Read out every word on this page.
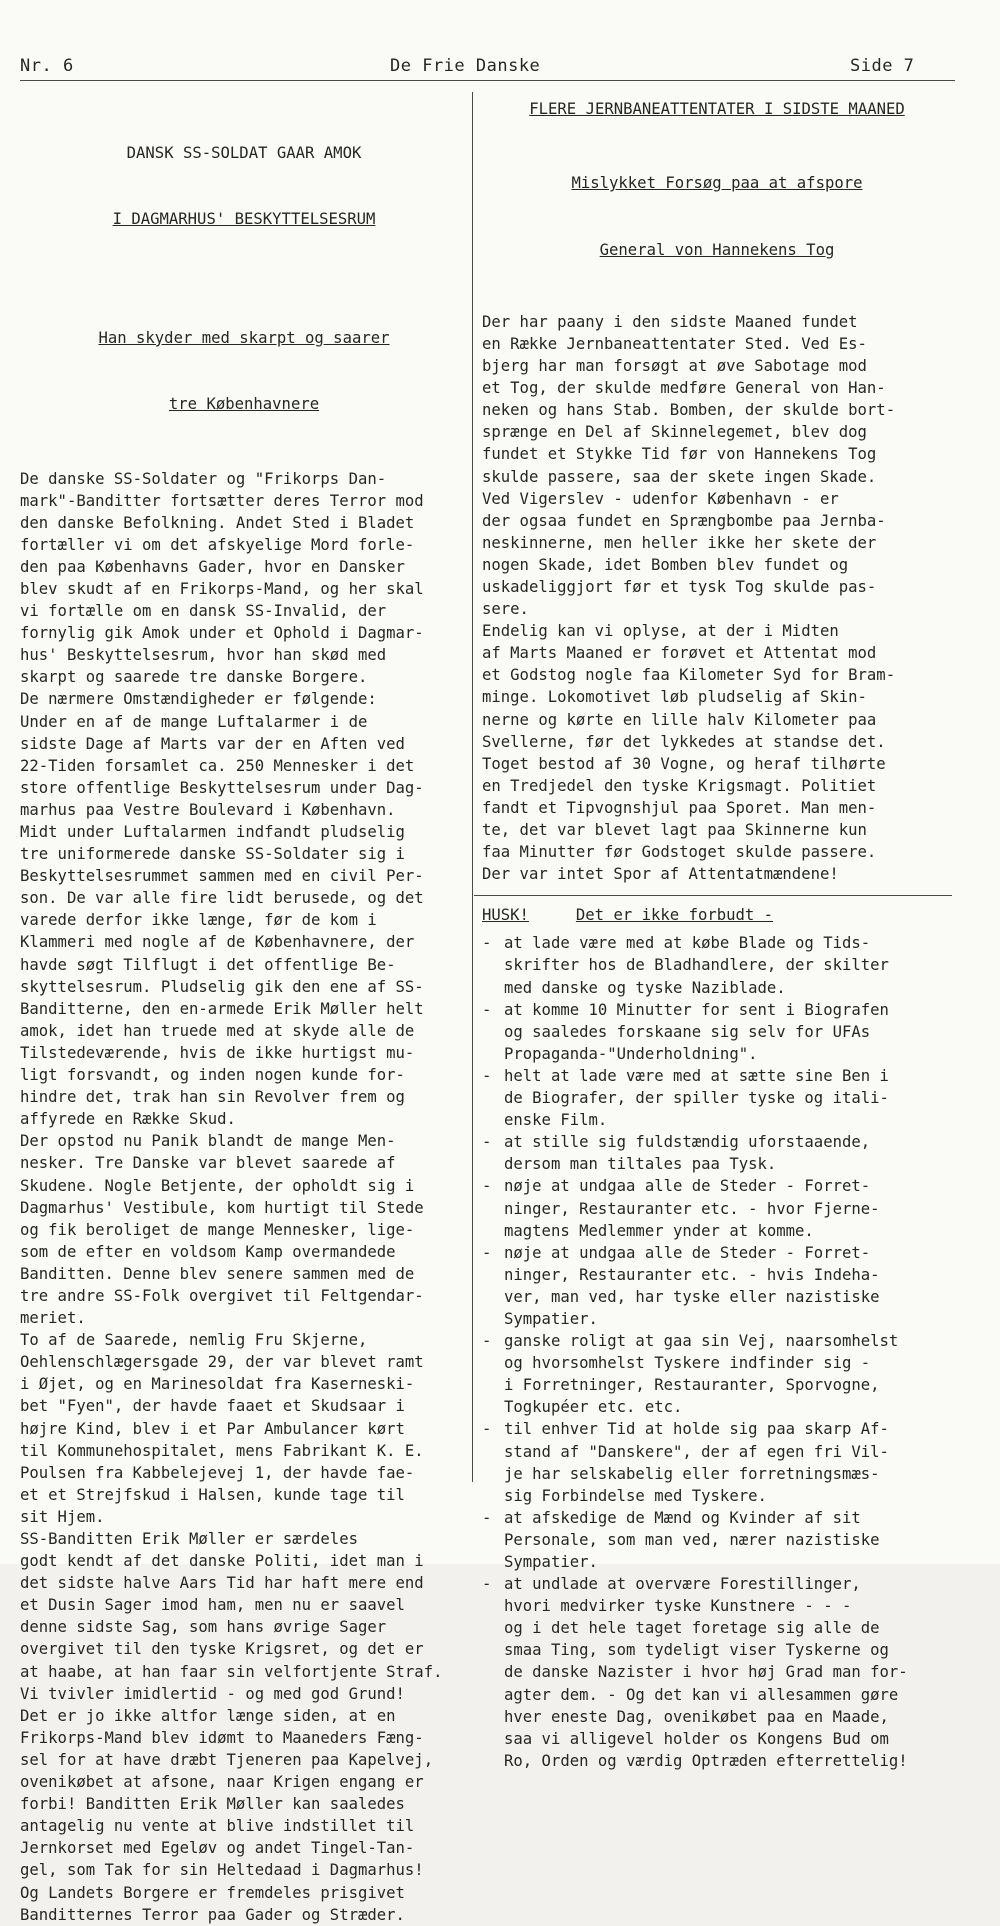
Nr. 6	De Frie Danske	Side 7

DANSK SS-SOLDAT GAAR AMOK

I DAGMARHUS' BESKYTTELSESRUM

Han skyder med skarpt og saarer

tre Københavnere

De danske SS-Soldater og "Frikorps Dan-
mark"-Banditter fortsætter deres Terror mod
den danske Befolkning. Andet Sted i Bladet
fortæller vi om det afskyelige Mord forle-
den paa Københavns Gader, hvor en Dansker
blev skudt af en Frikorps-Mand, og her skal
vi fortælle om en dansk SS-Invalid, der
fornylig gik Amok under et Ophold i Dagmar-
hus' Beskyttelsesrum, hvor han skød med
skarpt og saarede tre danske Borgere.
De nærmere Omstændigheder er følgende:
Under en af de mange Luftalarmer i de
sidste Dage af Marts var der en Aften ved
22-Tiden forsamlet ca. 250 Mennesker i det
store offentlige Beskyttelsesrum under Dag-
marhus paa Vestre Boulevard i København.
Midt under Luftalarmen indfandt pludselig
tre uniformerede danske SS-Soldater sig i
Beskyttelsesrummet sammen med en civil Per-
son. De var alle fire lidt berusede, og det
varede derfor ikke længe, før de kom i
Klammeri med nogle af de Københavnere, der
havde søgt Tilflugt i det offentlige Be-
skyttelsesrum. Pludselig gik den ene af SS-
Banditterne, den en-armede Erik Møller helt
amok, idet han truede med at skyde alle de
Tilstedeværende, hvis de ikke hurtigst mu-
ligt forsvandt, og inden nogen kunde for-
hindre det, trak han sin Revolver frem og
affyrede en Række Skud.
Der opstod nu Panik blandt de mange Men-
nesker. Tre Danske var blevet saarede af
Skudene. Nogle Betjente, der opholdt sig i
Dagmarhus' Vestibule, kom hurtigt til Stede
og fik beroliget de mange Mennesker, lige-
som de efter en voldsom Kamp overmandede
Banditten. Denne blev senere sammen med de
tre andre SS-Folk overgivet til Feltgendar-
meriet.
To af de Saarede, nemlig Fru Skjerne,
Oehlenschlægersgade 29, der var blevet ramt
i Øjet, og en Marinesoldat fra Kaserneski-
bet "Fyen", der havde faaet et Skudsaar i
højre Kind, blev i et Par Ambulancer kørt
til Kommunehospitalet, mens Fabrikant K. E.
Poulsen fra Kabbelejevej 1, der havde fae-
et et Strejfskud i Halsen, kunde tage til
sit Hjem.
SS-Banditten Erik Møller er særdeles
godt kendt af det danske Politi, idet man i
det sidste halve Aars Tid har haft mere end
et Dusin Sager imod ham, men nu er saavel
denne sidste Sag, som hans øvrige Sager
overgivet til den tyske Krigsret, og det er
at haabe, at han faar sin velfortjente Straf.
Vi tvivler imidlertid - og med god Grund!
Det er jo ikke altfor længe siden, at en
Frikorps-Mand blev idømt to Maaneders Fæng-
sel for at have dræbt Tjeneren paa Kapelvej,
ovenikøbet at afsone, naar Krigen engang er
forbi! Banditten Erik Møller kan saaledes
antagelig nu vente at blive indstillet til
Jernkorset med Egeløv og andet Tingel-Tan-
gel, som Tak for sin Heltedaad i Dagmarhus!
Og Landets Borgere er fremdeles prisgivet
Banditternes Terror paa Gader og Stræder.
FLERE JERNBANEATTENTATER I SIDSTE MAANED

Mislykket Forsøg paa at afspore

General von Hannekens Tog

Der har paany i den sidste Maaned fundet
en Række Jernbaneattentater Sted. Ved Es-
bjerg har man forsøgt at øve Sabotage mod
et Tog, der skulde medføre General von Han-
neken og hans Stab. Bomben, der skulde bort-
sprænge en Del af Skinnelegemet, blev dog
fundet et Stykke Tid før von Hannekens Tog
skulde passere, saa der skete ingen Skade.
Ved Vigerslev - udenfor København - er
der ogsaa fundet en Sprængbombe paa Jernba-
neskinnerne, men heller ikke her skete der
nogen Skade, idet Bomben blev fundet og
uskadeliggjort før et tysk Tog skulde pas-
sere.
Endelig kan vi oplyse, at der i Midten
af Marts Maaned er forøvet et Attentat mod
et Godstog nogle faa Kilometer Syd for Bram-
minge. Lokomotivet løb pludselig af Skin-
nerne og kørte en lille halv Kilometer paa
Svellerne, før det lykkedes at standse det.
Toget bestod af 30 Vogne, og heraf tilhørte
en Tredjedel den tyske Krigsmagt. Politiet
fandt et Tipvognshjul paa Sporet. Man men-
te, det var blevet lagt paa Skinnerne kun
faa Minutter før Godstoget skulde passere.
Der var intet Spor af Attentatmændene!
HUSK!	Det er ikke forbudt -
- at lade være med at købe Blade og Tids-
skrifter hos de Bladhandlere, der skilter
med danske og tyske Naziblade.
- at komme 10 Minutter for sent i Biografen
og saaledes forskaane sig selv for UFAs
Propaganda-"Underholdning".
- helt at lade være med at sætte sine Ben i
de Biografer, der spiller tyske og itali-
enske Film.
- at stille sig fuldstændig uforstaaende,
dersom man tiltales paa Tysk.
- nøje at undgaa alle de Steder - Forret-
ninger, Restauranter etc. - hvor Fjerne-
magtens Medlemmer ynder at komme.
- nøje at undgaa alle de Steder - Forret-
ninger, Restauranter etc. - hvis Indeha-
ver, man ved, har tyske eller nazistiske
Sympatier.
- ganske roligt at gaa sin Vej, naarsomhelst
og hvorsomhelst Tyskere indfinder sig -
i Forretninger, Restauranter, Sporvogne,
Togkupéer etc. etc.
- til enhver Tid at holde sig paa skarp Af-
stand af "Danskere", der af egen fri Vil-
je har selskabelig eller forretningsmæs-
sig Forbindelse med Tyskere.
- at afskedige de Mænd og Kvinder af sit
Personale, som man ved, nærer nazistiske
Sympatier.
- at undlade at overvære Forestillinger,
hvori medvirker tyske Kunstnere - - -
og i det hele taget foretage sig alle de
smaa Ting, som tydeligt viser Tyskerne og
de danske Nazister i hvor høj Grad man for-
agter dem. - Og det kan vi allesammen gøre
hver eneste Dag, ovenikøbet paa en Maade,
saa vi alligevel holder os Kongens Bud om
Ro, Orden og værdig Optræden efterrettelig!
